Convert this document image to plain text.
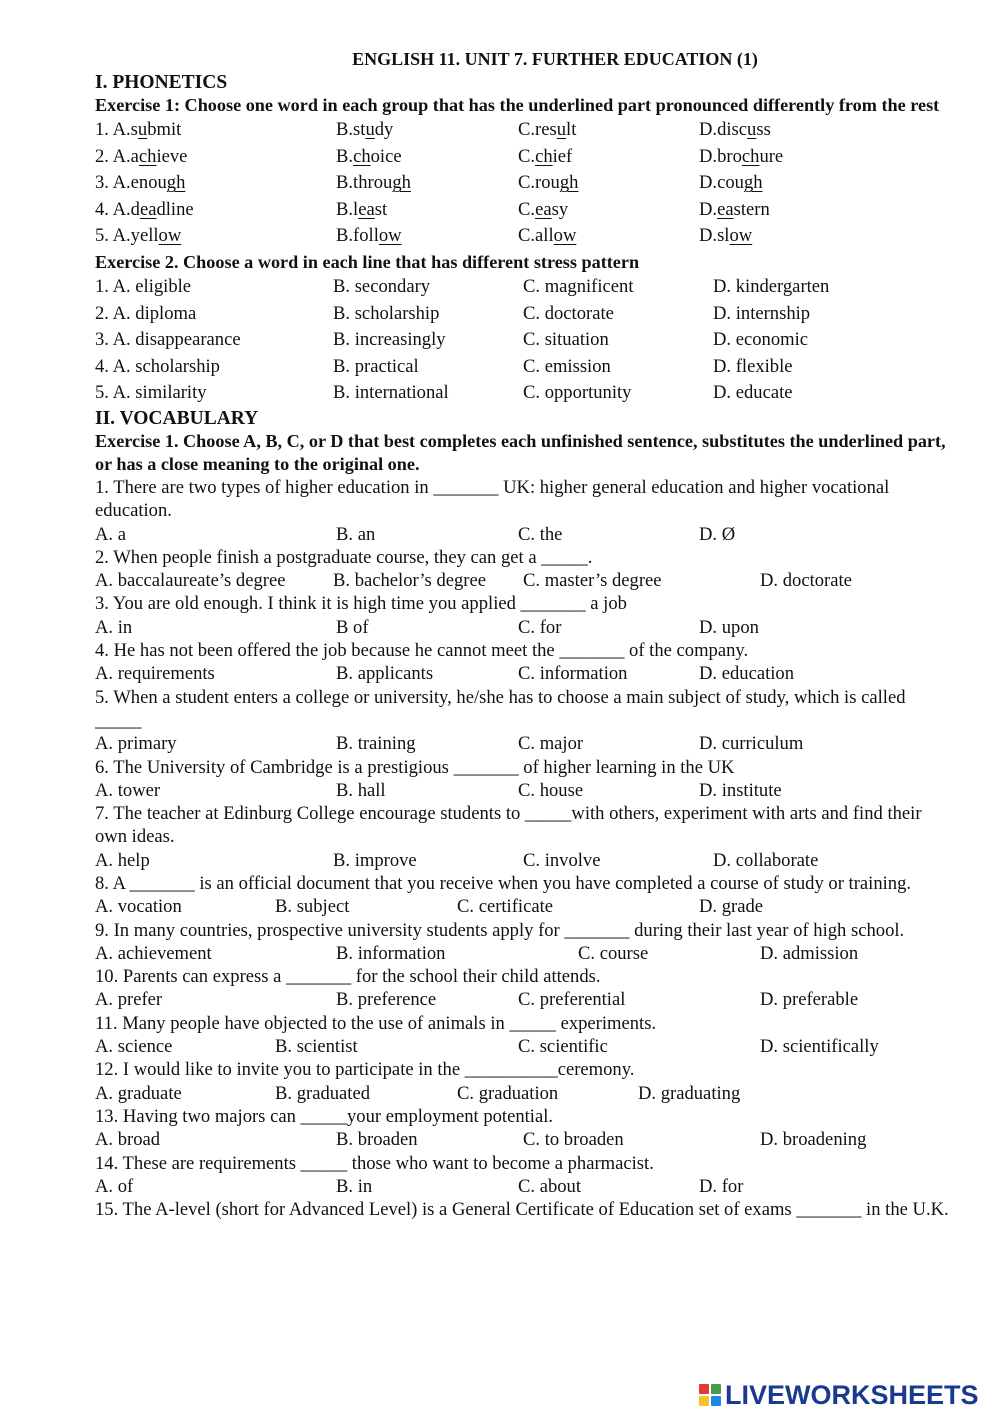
ENGLISH 11. UNIT 7. FURTHER EDUCATION (1)
I. PHONETICS
Exercise 1: Choose one word in each group that has the underlined part pronounced differently from the rest
1. A.submit	B.study	C.result	D.discuss
2. A.achieve	B.choice	C.chief	D.brochure
3. A.enough	B.through	C.rough	D.cough
4. A.deadline	B.least	C.easy	D.eastern
5. A.yellow	B.follow	C.allow	D.slow
Exercise 2. Choose a word in each line that has different stress pattern
1. A. eligible	B. secondary	C. magnificent	D. kindergarten
2. A. diploma	B. scholarship	C. doctorate	D. internship
3. A. disappearance	B. increasingly	C. situation	D. economic
4. A. scholarship	B. practical	C. emission	D. flexible
5. A. similarity	B. international	C. opportunity	D. educate
II. VOCABULARY
Exercise 1. Choose A, B, C, or D that best completes each unfinished sentence, substitutes the underlined part, or has a close meaning to the original one.
1. There are two types of higher education in _______ UK: higher general education and higher vocational education.
A. a	B. an	C. the	D. Ø
2. When people finish a postgraduate course, they can get a _____.
A. baccalaureate’s degree	B. bachelor’s degree C. master’s degree	D. doctorate
3. You are old enough. I think it is high time you applied _______ a job
A. in	B of	C. for	D. upon
4. He has not been offered the job because he cannot meet the _______ of the company.
A. requirements	B. applicants	C. information	D. education
5. When a student enters a college or university, he/she has to choose a main subject of study, which is called _____
A. primary	B. training	C. major	D. curriculum
6. The University of Cambridge is a prestigious _______ of higher learning in the UK
A. tower	B. hall	C. house	D. institute
7. The teacher at Edinburg College encourage students to _____with others, experiment with arts and find their own ideas.
A. help	B. improve	C. involve	D. collaborate
8. A _______ is an official document that you receive when you have completed a course of study or training.
A. vocation	B. subject	C. certificate	D. grade
9. In many countries, prospective university students apply for _______ during their last year of high school.
A. achievement	B. information	C. course	D. admission
10. Parents can express a _______ for the school their child attends.
A. prefer	B. preference	C. preferential	D. preferable
11. Many people have objected to the use of animals in _____ experiments.
A. science	B. scientist	C. scientific	D. scientifically
12. I would like to invite you to participate in the __________ceremony.
A. graduate	B. graduated	C. graduation	D. graduating
13. Having two majors can _____your employment potential.
A. broad	B. broaden	C. to broaden	D. broadening
14. These are requirements _____ those who want to become a pharmacist.
A. of	B. in	C. about	D. for
15. The A-level (short for Advanced Level) is a General Certificate of Education set of exams _______ in the U.K.
LIVEWORKSHEETS
